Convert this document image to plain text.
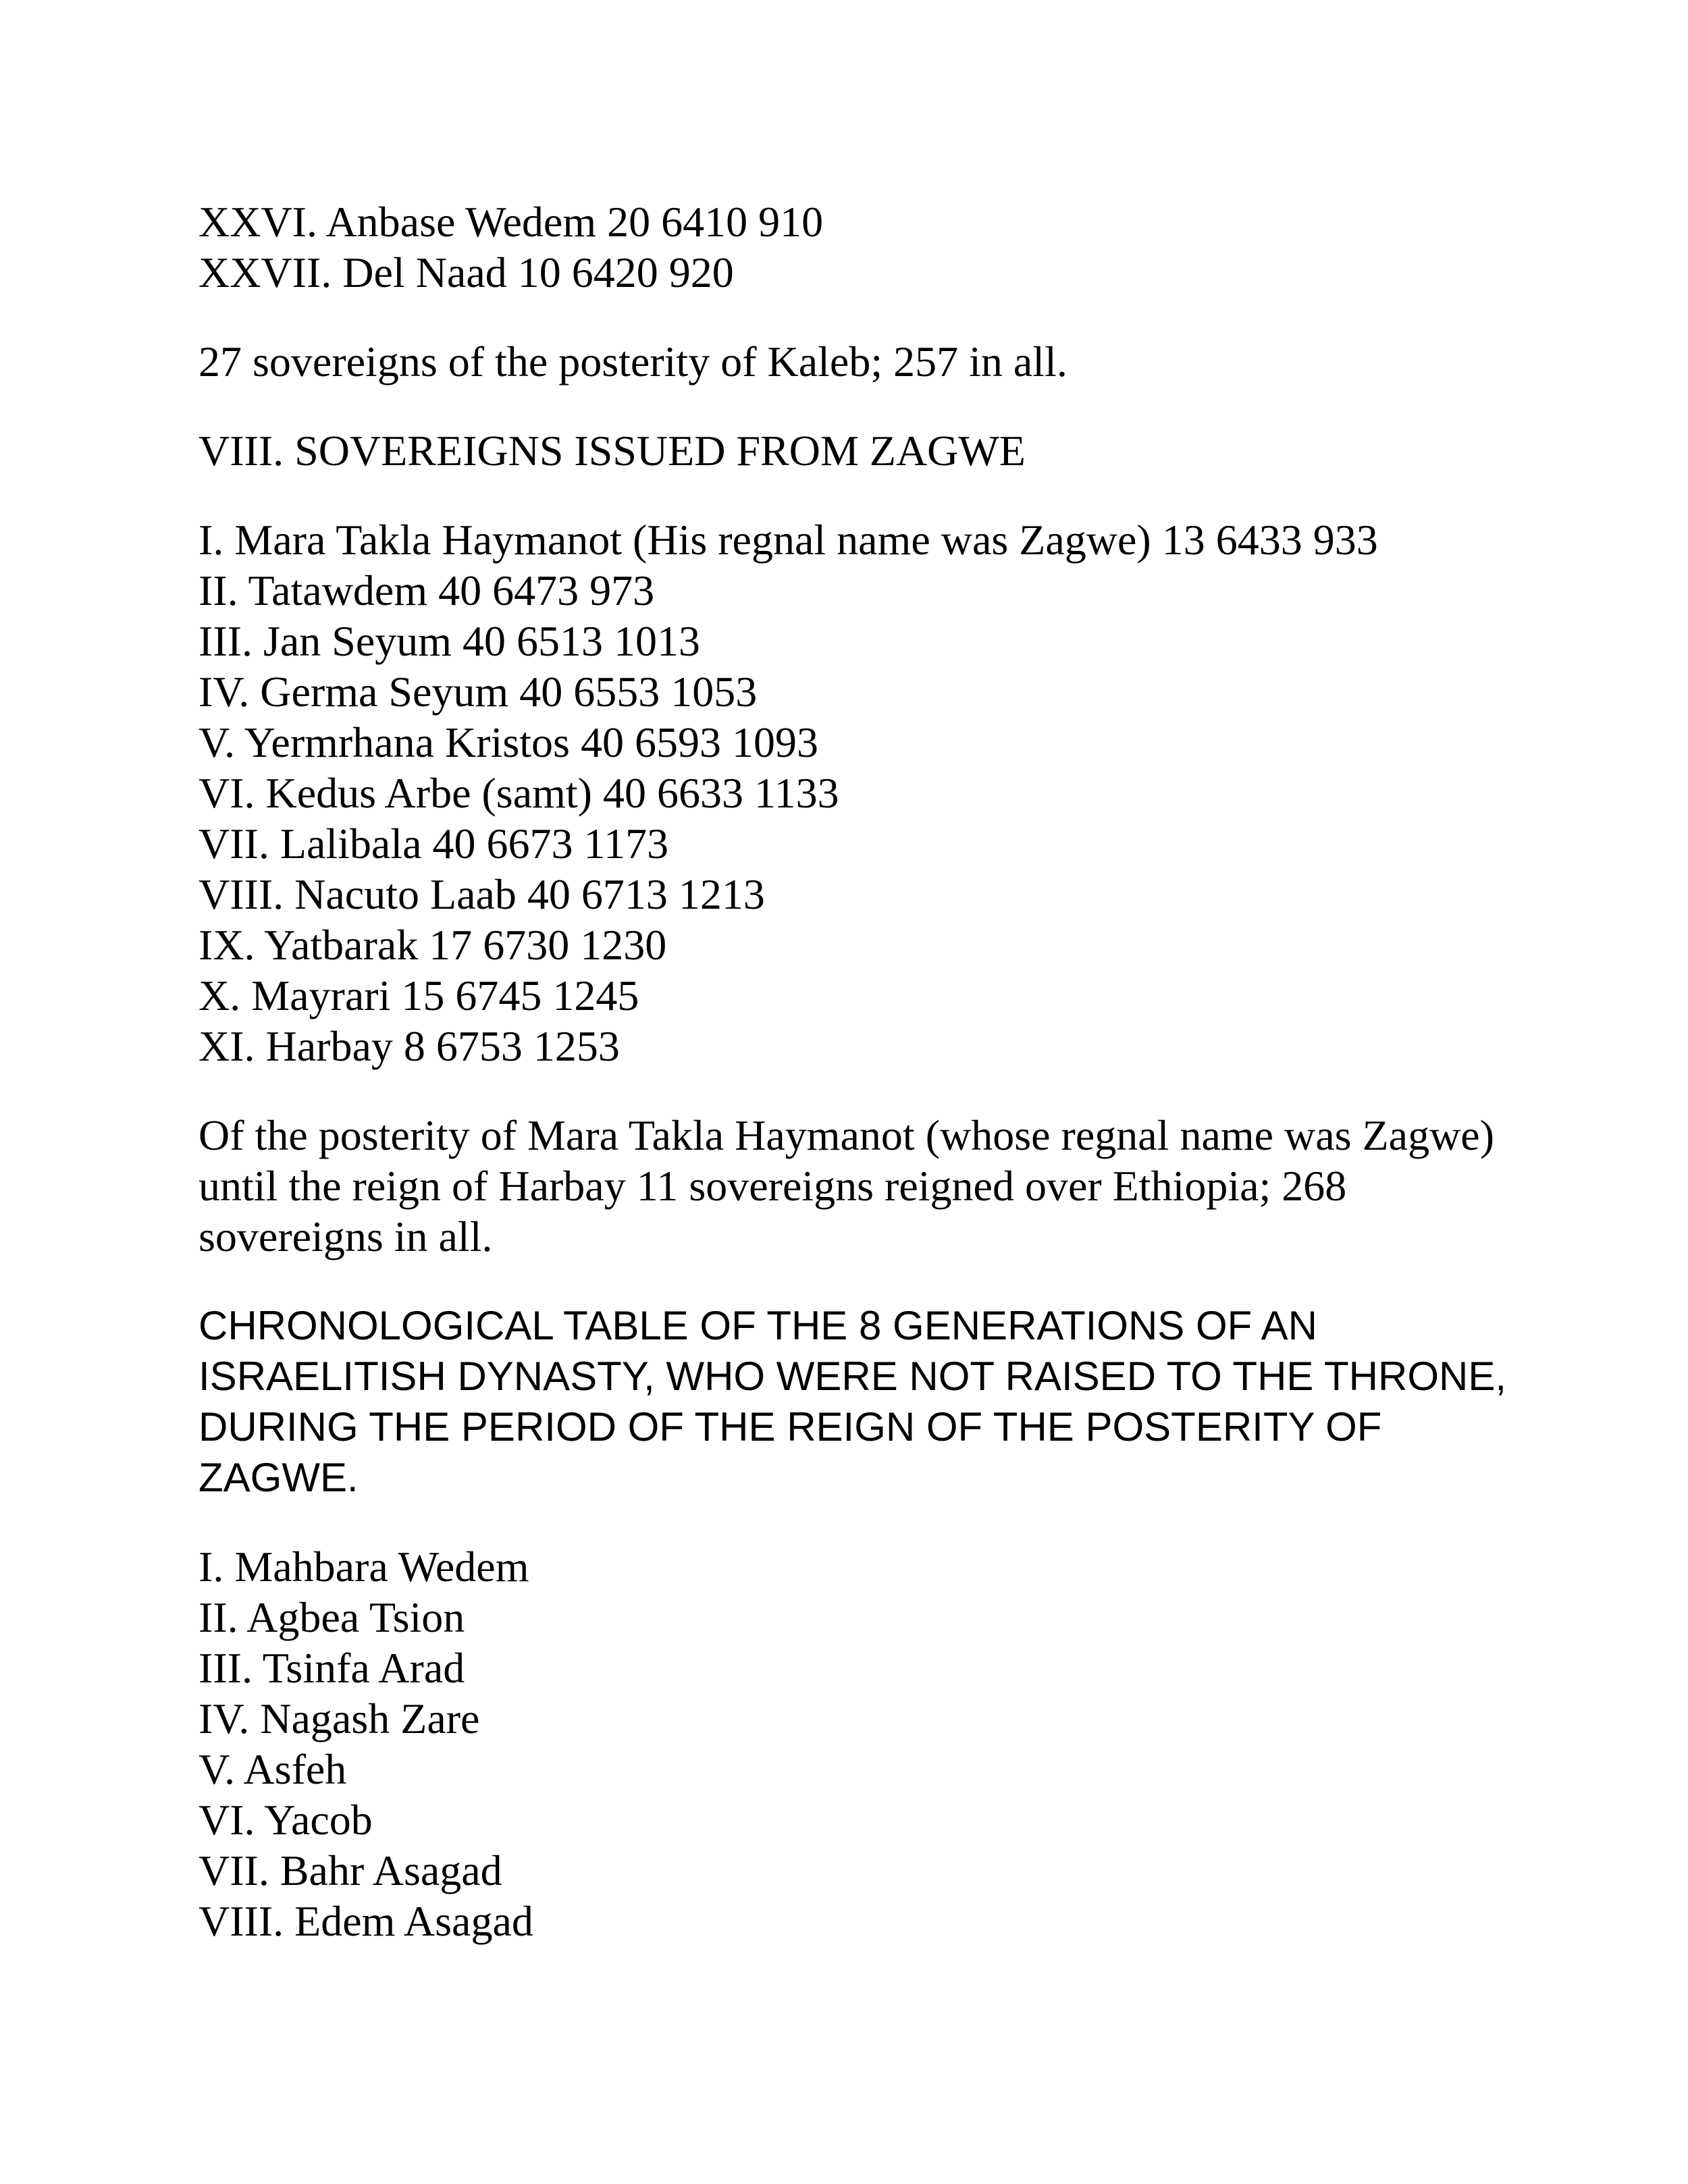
XXVI. Anbase Wedem 20 6410 910
XXVII. Del Naad 10 6420 920

27 sovereigns of the posterity of Kaleb; 257 in all.

VIII. SOVEREIGNS ISSUED FROM ZAGWE

I. Mara Takla Haymanot (His regnal name was Zagwe) 13 6433 933
II. Tatawdem 40 6473 973
III. Jan Seyum 40 6513 1013
IV. Germa Seyum 40 6553 1053
V. Yermrhana Kristos 40 6593 1093
VI. Kedus Arbe (samt) 40 6633 1133
VII. Lalibala 40 6673 1173
VIII. Nacuto Laab 40 6713 1213
IX. Yatbarak 17 6730 1230
X. Mayrari 15 6745 1245
XI. Harbay 8 6753 1253

Of the posterity of Mara Takla Haymanot (whose regnal name was Zagwe) until the reign of Harbay 11 sovereigns reigned over Ethiopia; 268 sovereigns in all.

CHRONOLOGICAL TABLE OF THE 8 GENERATIONS OF AN ISRAELITISH DYNASTY, WHO WERE NOT RAISED TO THE THRONE, DURING THE PERIOD OF THE REIGN OF THE POSTERITY OF ZAGWE.

I. Mahbara Wedem
II. Agbea Tsion
III. Tsinfa Arad
IV. Nagash Zare
V. Asfeh
VI. Yacob
VII. Bahr Asagad
VIII. Edem Asagad
